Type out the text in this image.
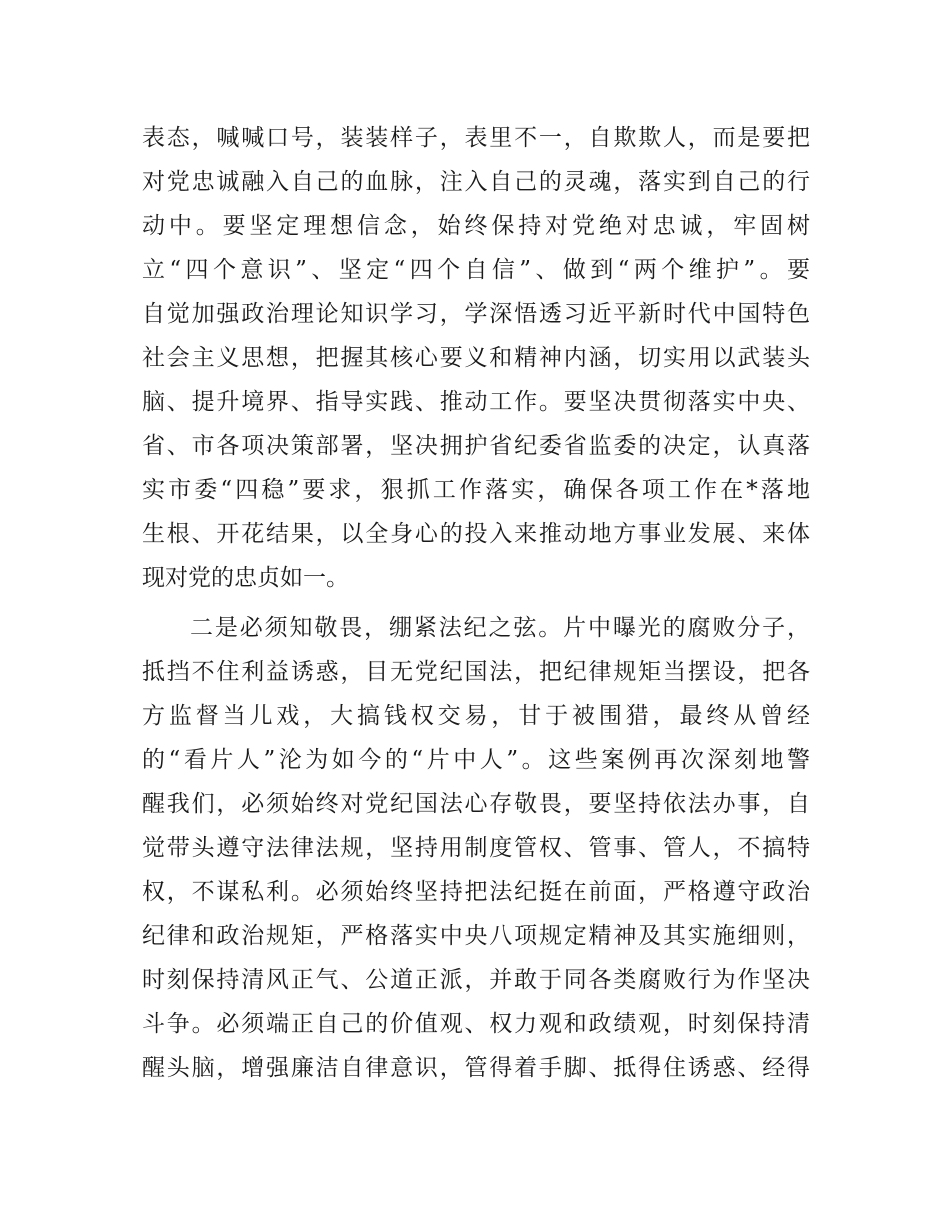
表态，喊喊口号，装装样子，表里不一，自欺欺人，而是要把
对党忠诚融入自己的血脉，注入自己的灵魂，落实到自己的行
动中。要坚定理想信念，始终保持对党绝对忠诚，牢固树
立“四个意识”、坚定“四个自信”、做到“两个维护”。要
自觉加强政治理论知识学习，学深悟透习近平新时代中国特色
社会主义思想，把握其核心要义和精神内涵，切实用以武装头
脑、提升境界、指导实践、推动工作。要坚决贯彻落实中央、
省、市各项决策部署，坚决拥护省纪委省监委的决定，认真落
实市委“四稳”要求，狠抓工作落实，确保各项工作在*落地
生根、开花结果，以全身心的投入来推动地方事业发展、来体
现对党的忠贞如一。
二是必须知敬畏，绷紧法纪之弦。片中曝光的腐败分子，
抵挡不住利益诱惑，目无党纪国法，把纪律规矩当摆设，把各
方监督当儿戏，大搞钱权交易，甘于被围猎，最终从曾经
的“看片人”沦为如今的“片中人”。这些案例再次深刻地警
醒我们，必须始终对党纪国法心存敬畏，要坚持依法办事，自
觉带头遵守法律法规，坚持用制度管权、管事、管人，不搞特
权，不谋私利。必须始终坚持把法纪挺在前面，严格遵守政治
纪律和政治规矩，严格落实中央八项规定精神及其实施细则，
时刻保持清风正气、公道正派，并敢于同各类腐败行为作坚决
斗争。必须端正自己的价值观、权力观和政绩观，时刻保持清
醒头脑，增强廉洁自律意识，管得着手脚、抵得住诱惑、经得
